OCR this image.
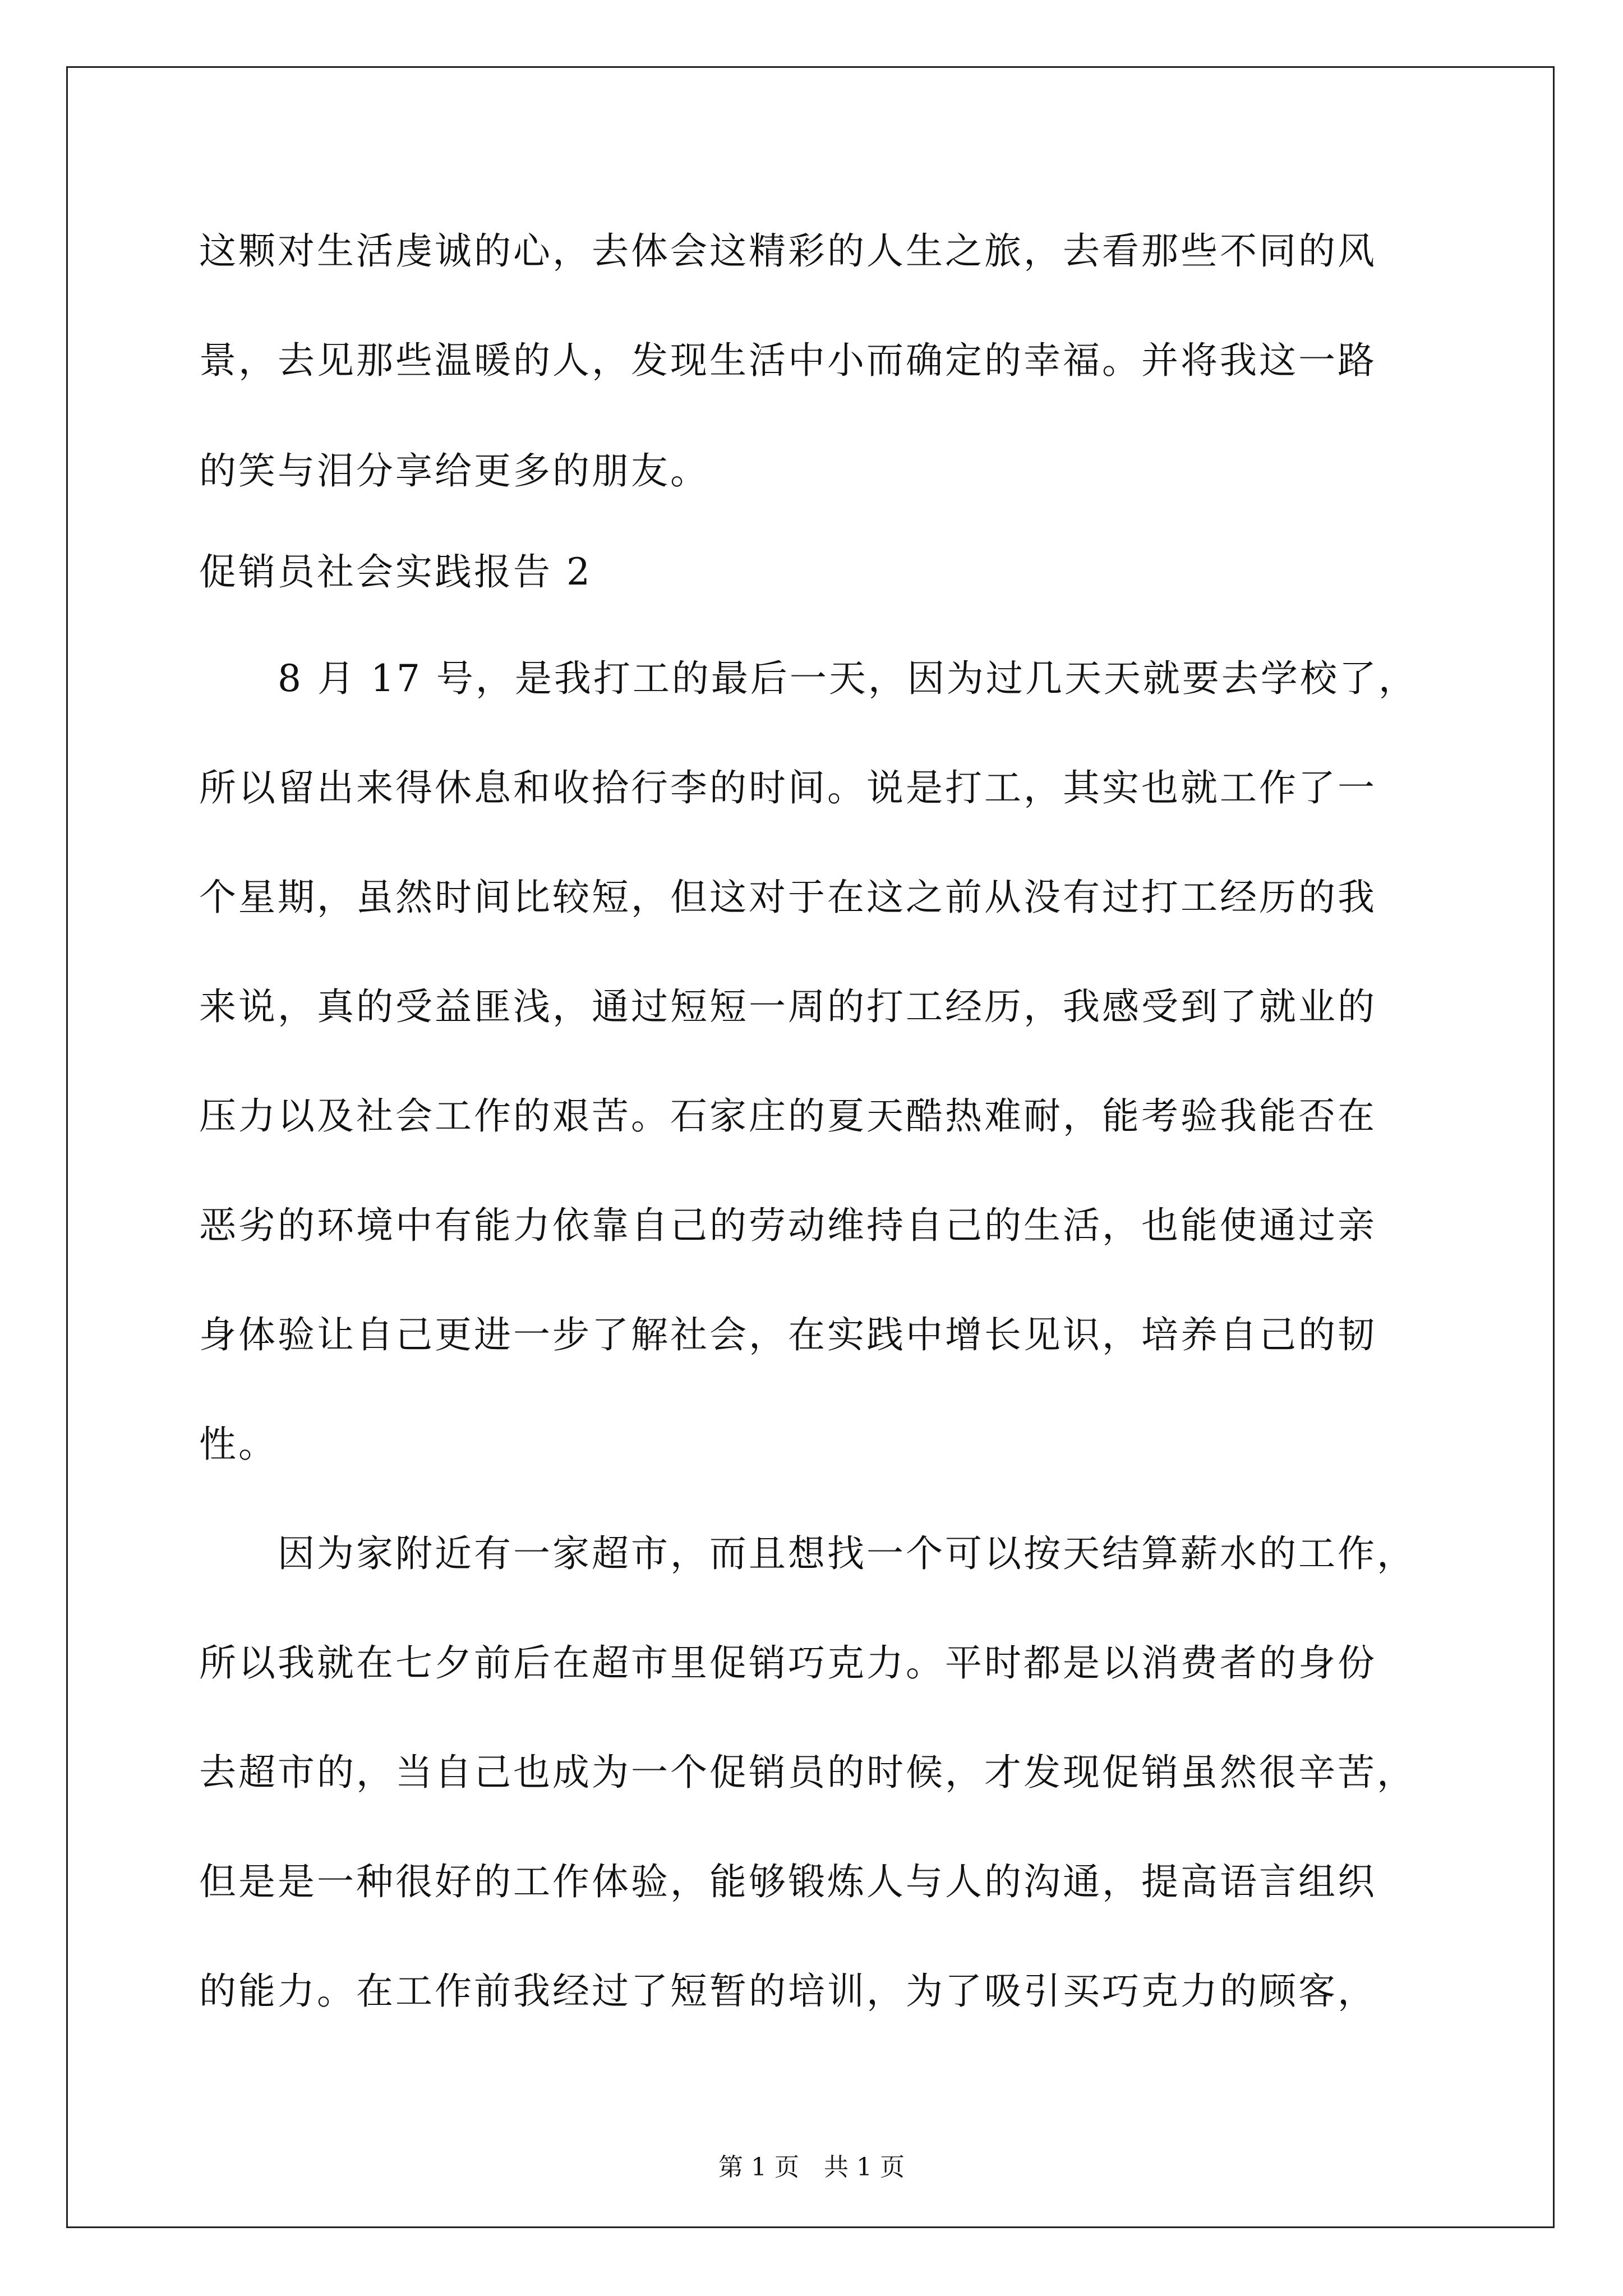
这颗对生活虔诚的心，去体会这精彩的人生之旅，去看那些不同的风
景，去见那些温暖的人，发现生活中小而确定的幸福。并将我这一路
的笑与泪分享给更多的朋友。
促销员社会实践报告 2
8 月 17 号，是我打工的最后一天，因为过几天天就要去学校了，
所以留出来得休息和收拾行李的时间。说是打工，其实也就工作了一
个星期，虽然时间比较短，但这对于在这之前从没有过打工经历的我
来说，真的受益匪浅，通过短短一周的打工经历，我感受到了就业的
压力以及社会工作的艰苦。石家庄的夏天酷热难耐，能考验我能否在
恶劣的环境中有能力依靠自己的劳动维持自己的生活，也能使通过亲
身体验让自己更进一步了解社会，在实践中增长见识，培养自己的韧
性。
因为家附近有一家超市，而且想找一个可以按天结算薪水的工作，
所以我就在七夕前后在超市里促销巧克力。平时都是以消费者的身份
去超市的，当自己也成为一个促销员的时候，才发现促销虽然很辛苦，
但是是一种很好的工作体验，能够锻炼人与人的沟通，提高语言组织
的能力。在工作前我经过了短暂的培训，为了吸引买巧克力的顾客，
第 1 页　共 1 页
